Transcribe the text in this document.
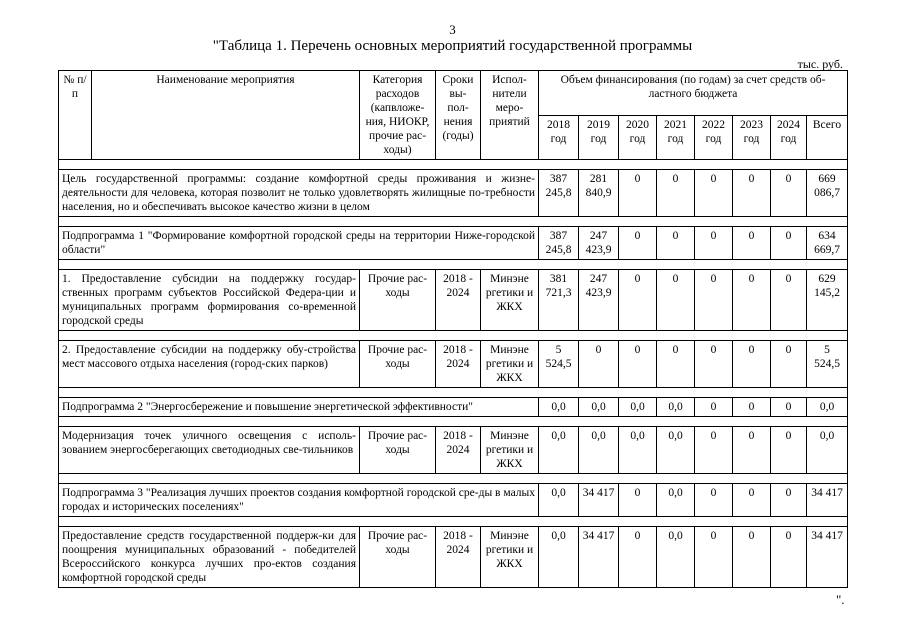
3
"Таблица 1. Перечень основных мероприятий государственной программы
тыс. руб.
№ п/п	Наименование мероприятия	Категория расходов (капвложе-ния, НИОКР, прочие рас-ходы)	Сроки вы-пол-нения (годы)	Испол-нители меро-приятий	Объем финансирования (по годам) за счет средств об-ластного бюджета							
					2018 год	2019 год	2020 год	2021 год	2022 год	2023 год	2024 год	Всего

Цель государственной программы: создание комфортной среды проживания и жизне-деятельности для человека, которая позволит не только удовлетворять жилищные по-требности населения, но и обеспечивать высокое качество жизни в целом					387 245,8	281 840,9	0	0	0	0	0	669 086,7

Подпрограмма 1 "Формирование комфортной городской среды на территории Ниже-городской области"					387 245,8	247 423,9	0	0	0	0	0	634 669,7

1. Предоставление субсидии на поддержку государ-ственных программ субъектов Российской Федера-ции и муниципальных программ формирования со-временной городской среды		Прочие рас-ходы	2018 - 2024	Минэне ргетики и ЖКХ	381 721,3	247 423,9	0	0	0	0	0	629 145,2

2. Предоставление субсидии на поддержку обу-стройства мест массового отдыха населения (город-ских парков)		Прочие рас-ходы	2018 - 2024	Минэне ргетики и ЖКХ	5 524,5	0	0	0	0	0	0	5 524,5

Подпрограмма 2 "Энергосбережение и повышение энергетической эффективности"					0,0	0,0	0,0	0,0	0	0	0	0,0

Модернизация точек уличного освещения с исполь-зованием энергосберегающих светодиодных све-тильников		Прочие рас-ходы	2018 - 2024	Минэне ргетики и ЖКХ	0,0	0,0	0,0	0,0	0	0	0	0,0

Подпрограмма 3 "Реализация лучших проектов создания комфортной городской сре-ды в малых городах и исторических поселениях"					0,0	34 417	0	0,0	0	0	0	34 417

Предоставление средств государственной поддерж-ки для поощрения муниципальных образований - победителей Всероссийского конкурса лучших про-ектов создания комфортной городской среды		Прочие рас-ходы	2018 - 2024	Минэне ргетики и ЖКХ	0,0	34 417	0	0,0	0	0	0	34 417
".
